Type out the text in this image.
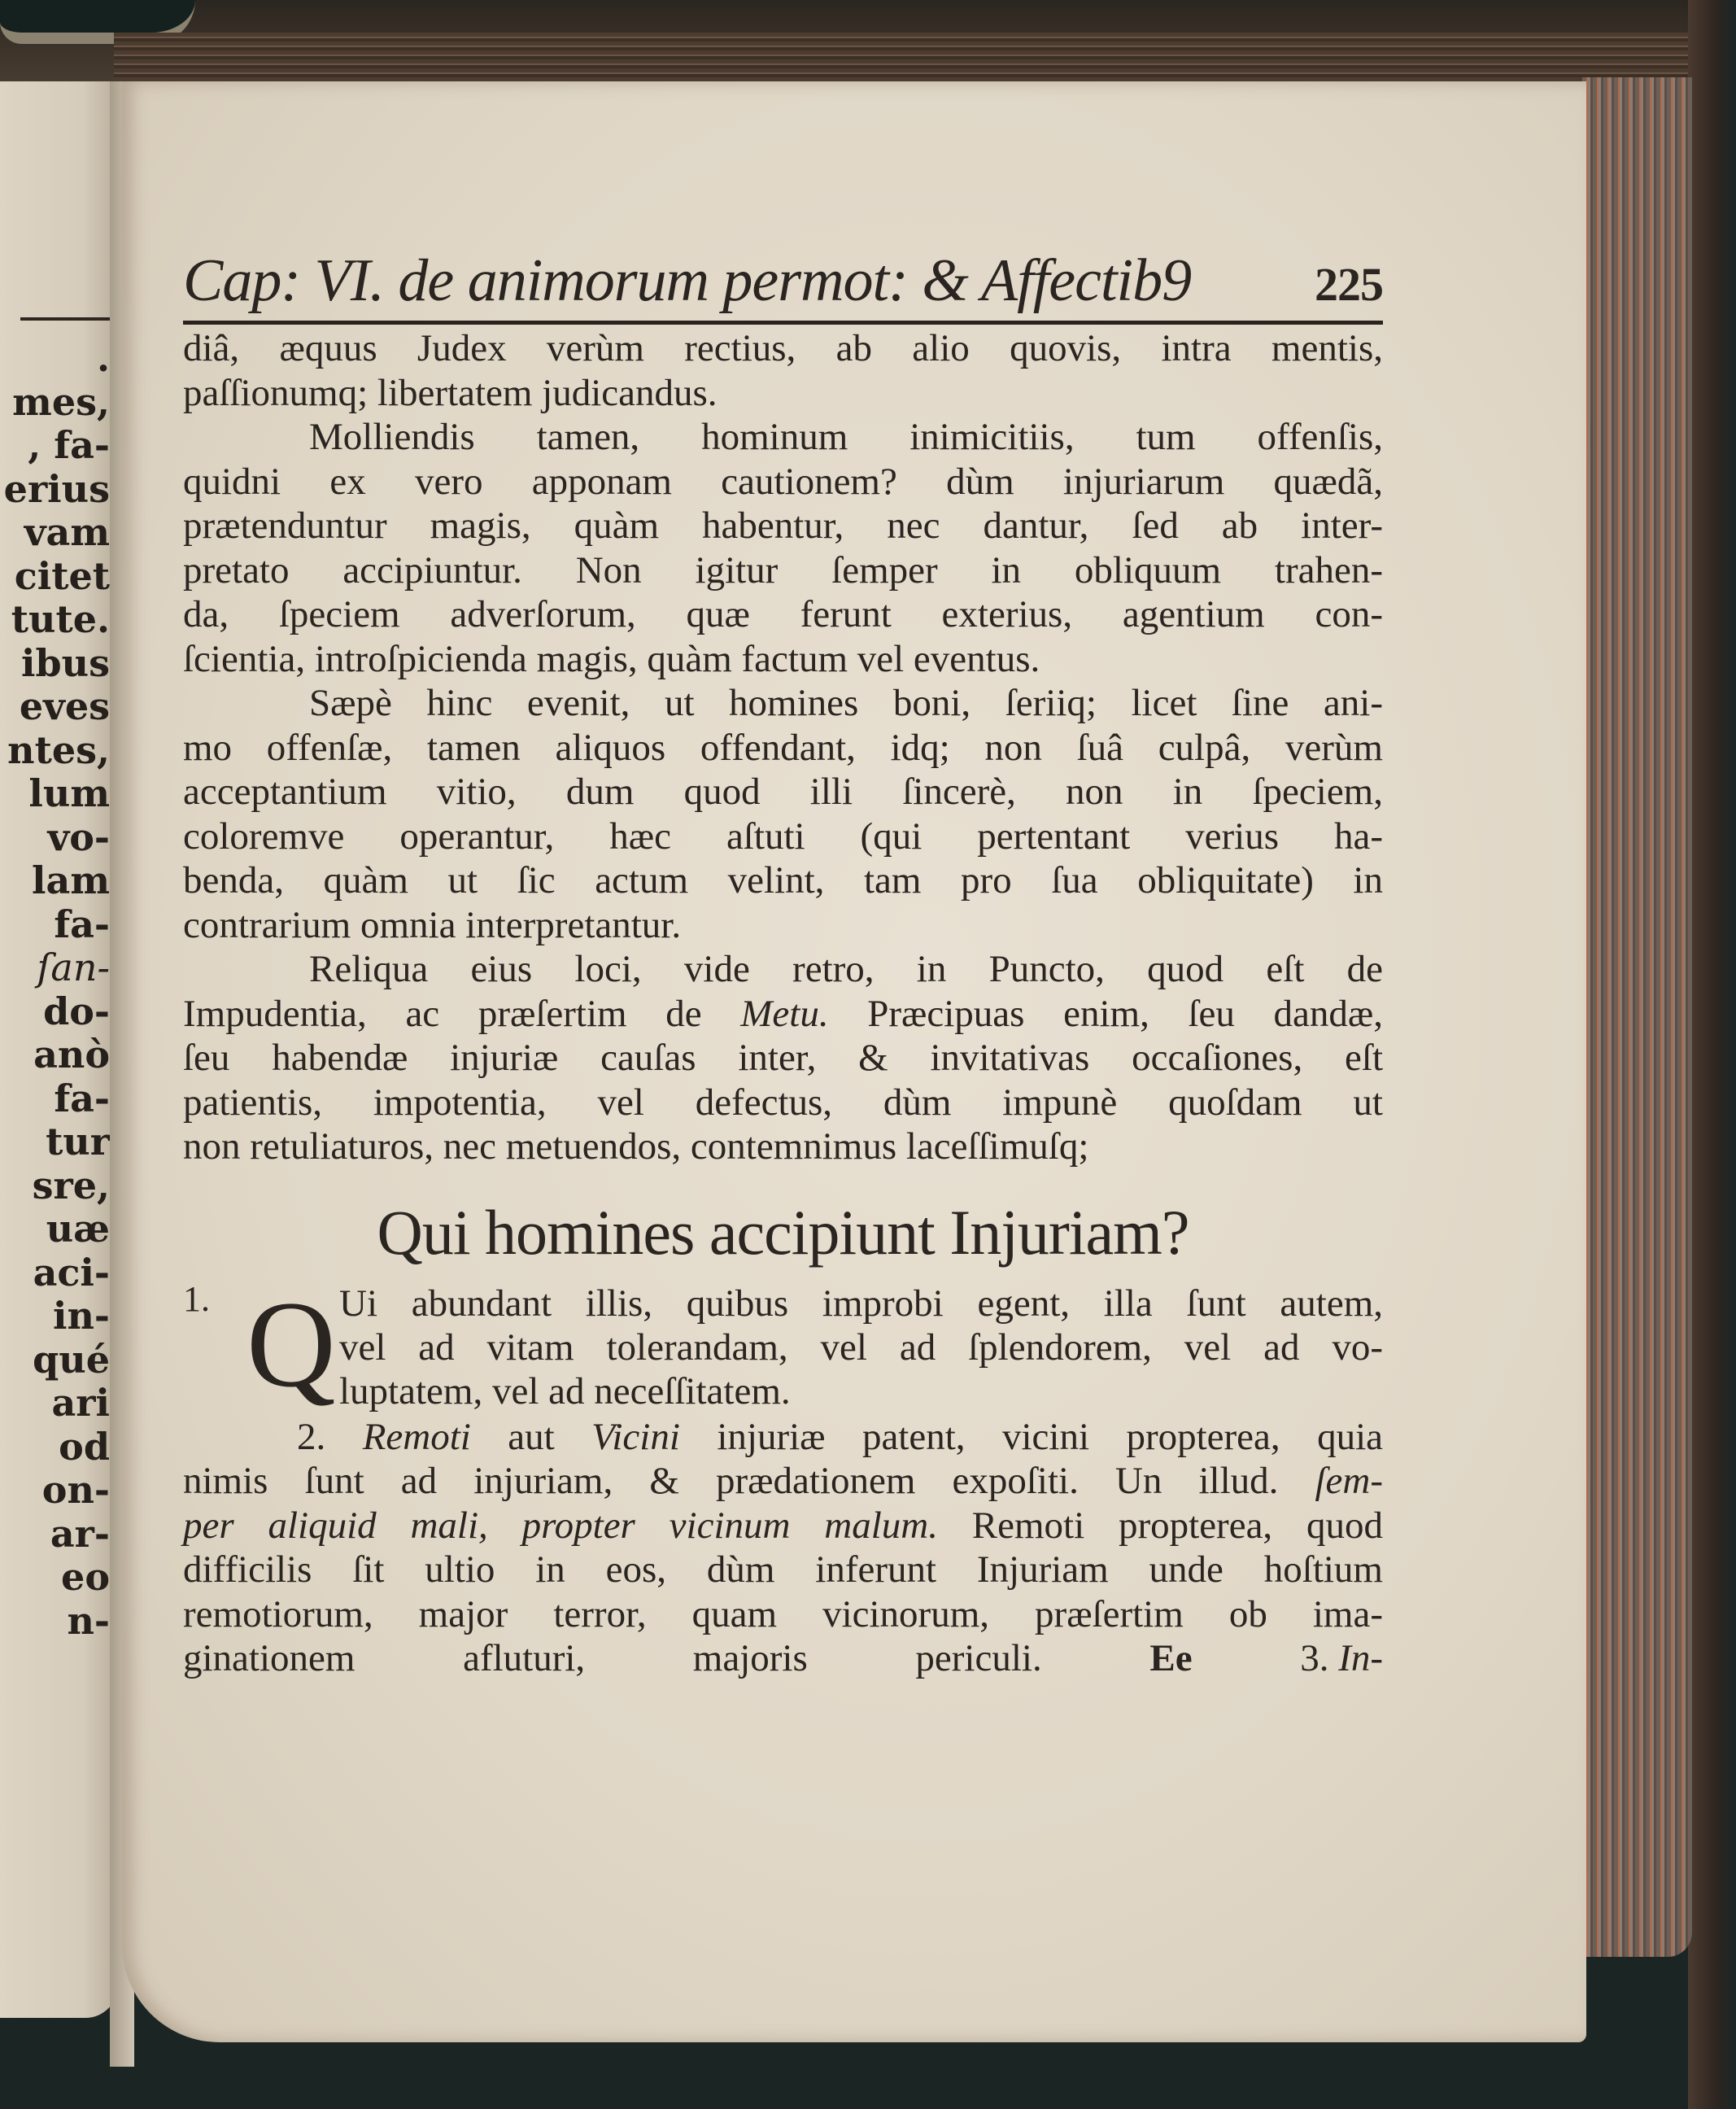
.
mes,
, fa-
erius
vam
citet
tute.
ibus
eves
ntes,
lum
vo-
lam
fa-
ſan-
do-
anò
fa-
tur
sre,
uæ
aci-
in-
qué
ari
od
on-
ar-
eo
n-
Cap: VI. de animorum permot: & Affectib9	225
diâ, æquus Judex verùm rectius, ab alio quovis, intra mentis,
paſſionumq; libertatem judicandus.
Molliendis tamen, hominum inimicitiis, tum offenſis,
quidni ex vero apponam cautionem? dùm injuriarum quædã,
prætenduntur magis, quàm habentur, nec dantur, ſed ab inter-
pretato accipiuntur. Non igitur ſemper in obliquum trahen-
da, ſpeciem adverſorum, quæ ferunt exterius, agentium con-
ſcientia, introſpicienda magis, quàm factum vel eventus.
Sæpè hinc evenit, ut homines boni, ſeriiq; licet ſine ani-
mo offenſæ, tamen aliquos offendant, idq; non ſuâ culpâ, verùm
acceptantium vitio, dum quod illi ſincerè, non in ſpeciem,
coloremve operantur, hæc aſtuti (qui pertentant verius ha-
benda, quàm ut ſic actum velint, tam pro ſua obliquitate) in
contrarium omnia interpretantur.
Reliqua eius loci, vide retro, in Puncto, quod eſt de
Impudentia, ac præſertim de Metu. Præcipuas enim, ſeu dandæ,
ſeu habendæ injuriæ cauſas inter, & invitativas occaſiones, eſt
patientis, impotentia, vel defectus, dùm impunè quoſdam ut
non retuliaturos, nec metuendos, contemnimus laceſſimuſq;
Qui homines accipiunt Injuriam?
1. Q Ui abundant illis, quibus improbi egent, illa ſunt autem,
vel ad vitam tolerandam, vel ad ſplendorem, vel ad vo-
luptatem, vel ad neceſſitatem.
2. Remoti aut Vicini injuriæ patent, vicini propterea, quia
nimis ſunt ad injuriam, & prædationem expoſiti. Un illud. ſem-
per aliquid mali, propter vicinum malum. Remoti propterea, quod
difficilis ſit ultio in eos, dùm inferunt Injuriam unde hoſtium
remotiorum, major terror, quam vicinorum, præſertim ob ima-
ginationem afluturi, majoris periculi.	Ee	3. In-
